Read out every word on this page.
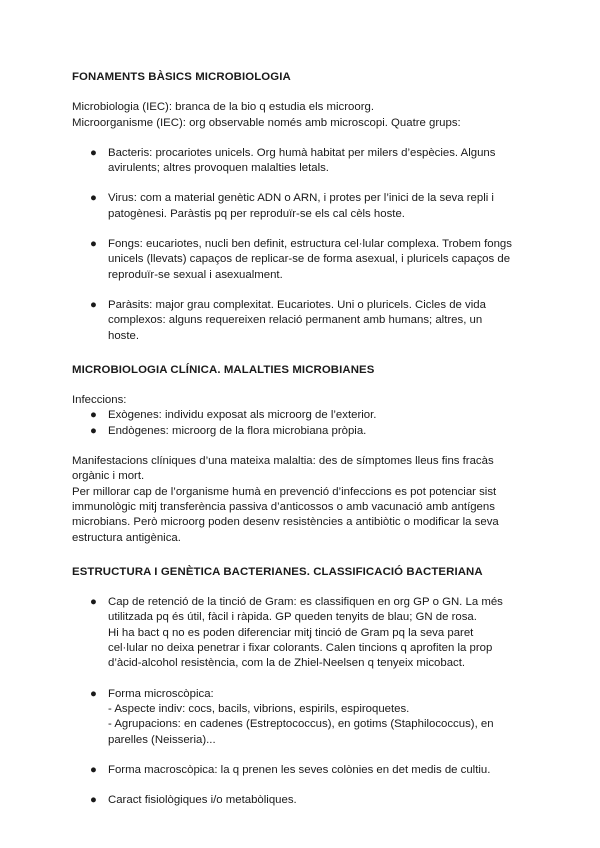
FONAMENTS BÀSICS MICROBIOLOGIA

Microbiologia (IEC): branca de la bio q estudia els microorg.

Microorganisme (IEC): org observable només amb microscopi. Quatre grups:

● Bacteris: procariotes unicels. Org humà habitat per milers d’espècies. Alguns avirulents; altres provoquen malalties letals.
● Virus: com a material genètic ADN o ARN, i protes per l’inici de la seva repli i patogènesi. Paràstis pq per reproduïr-se els cal cèls hoste.
● Fongs: eucariotes, nucli ben definit, estructura cel·lular complexa. Trobem fongs unicels (llevats) capaços de replicar-se de forma asexual, i pluricels capaços de reproduïr-se sexual i asexualment.
● Paràsits: major grau complexitat. Eucariotes. Uni o pluricels. Cicles de vida complexos: alguns requereixen relació permanent amb humans; altres, un hoste.
MICROBIOLOGIA CLÍNICA. MALALTIES MICROBIANES

Infeccions:

● Exògenes: individu exposat als microorg de l’exterior.
● Endògenes: microorg de la flora microbiana pròpia.

Manifestacions clíniques d’una mateixa malaltia: des de símptomes lleus fins fracàs orgànic i mort.

Per millorar cap de l’organisme humà en prevenció d’infeccions es pot potenciar sist immunològic mitj transferència passiva d’anticossos o amb vacunació amb antígens microbians. Però microorg poden desenv resistències a antibiòtic o modificar la seva estructura antigènica.

ESTRUCTURA I GENÈTICA BACTERIANES. CLASSIFICACIÓ BACTERIANA
● Cap de retenció de la tinció de Gram: es classifiquen en org GP o GN. La més utilitzada pq és útil, fàcil i ràpida. GP queden tenyits de blau; GN de rosa.
Hi ha bact q no es poden diferenciar mitj tinció de Gram pq la seva paret cel·lular no deixa penetrar i fixar colorants. Calen tincions q aprofiten la prop d’àcid-alcohol resistència, com la de Zhiel-Neelsen q tenyeix micobact.
● Forma microscòpica:
- Aspecte indiv: cocs, bacils, vibrions, espirils, espiroquetes.
- Agrupacions: en cadenes (Estreptococcus), en gotims (Staphilococcus), en parelles (Neisseria)...
● Forma macroscòpica: la q prenen les seves colònies en det medis de cultiu.
● Caract fisiològiques i/o metabòliques.
